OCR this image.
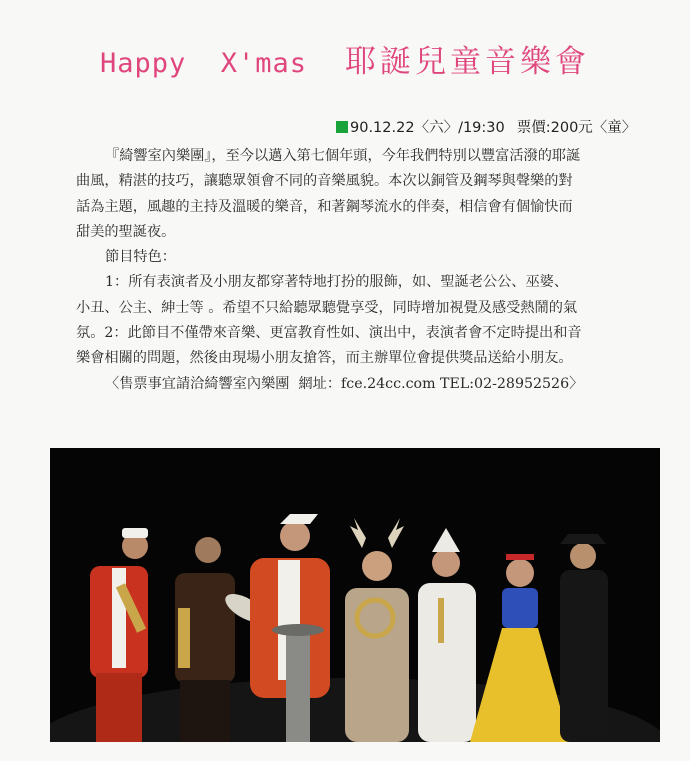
Happy  X'mas 耶誕兒童音樂會
90.12.22〈六〉/19:30 票價:200元〈童〉

『綺響室內樂團』，至今以邁入第七個年頭，今年我們特別以豐富活潑的耶誕

曲風，精湛的技巧，讓聽眾領會不同的音樂風貌。本次以銅管及鋼琴與聲樂的對

話為主題，風趣的主持及溫暖的樂音，和著鋼琴流水的伴奏，相信會有個愉快而

甜美的聖誕夜。

節目特色：

1：所有表演者及小朋友都穿著特地打扮的服飾，如、聖誕老公公、巫婆、

小丑、公主、紳士等 。希望不只給聽眾聽覺享受，同時增加視覺及感受熱鬧的氣

氛。2：此節目不僅帶來音樂、更富教育性如、演出中，表演者會不定時提出和音

樂會相關的問題，然後由現場小朋友搶答，而主辦單位會提供獎品送給小朋友。

〈售票事宜請洽綺響室內樂團  網址：fce.24cc.com TEL:02-28952526〉
